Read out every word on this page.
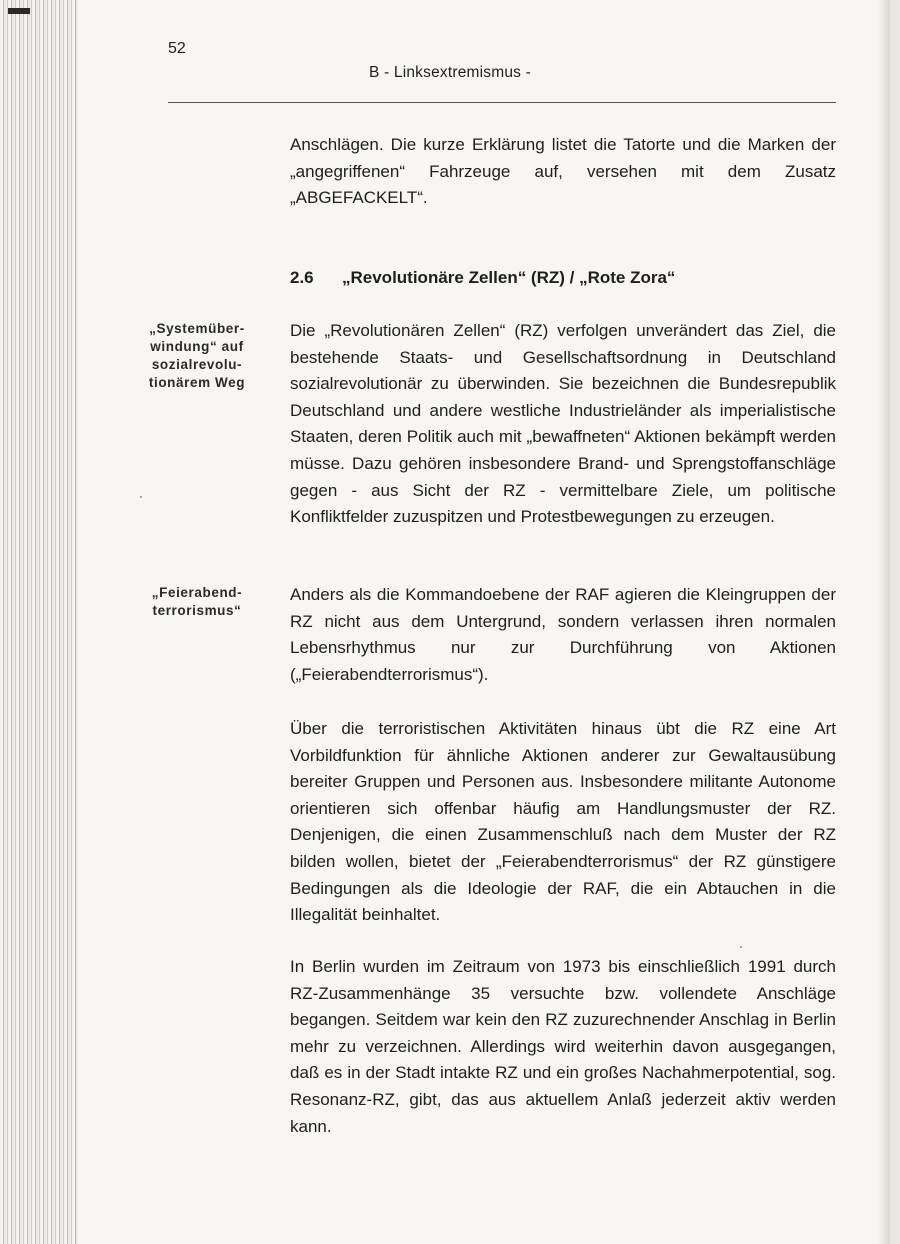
52
B - Linksextremismus -

Anschlägen. Die kurze Erklärung listet die Tatorte und die Marken der „angegriffenen“ Fahrzeuge auf, versehen mit dem Zusatz „ABGEFACKELT“.

2.6 „Revolutionäre Zellen“ (RZ) / „Rote Zora“
„Systemüber-
windung“ auf
sozialrevolu-
tionärem Weg
„Feierabend-
terrorismus“

Die „Revolutionären Zellen“ (RZ) verfolgen unverändert das Ziel, die bestehende Staats- und Gesellschaftsordnung in Deutschland sozialrevolutionär zu überwinden. Sie bezeichnen die Bundesrepublik Deutschland und andere westliche Industrieländer als imperialistische Staaten, deren Politik auch mit „bewaffneten“ Aktionen bekämpft werden müsse. Dazu gehören insbesondere Brand- und Sprengstoffanschläge gegen - aus Sicht der RZ - vermittelbare Ziele, um politische Konfliktfelder zuzuspitzen und Protestbewegungen zu erzeugen.

Anders als die Kommandoebene der RAF agieren die Kleingruppen der RZ nicht aus dem Untergrund, sondern verlassen ihren normalen Lebensrhythmus nur zur Durchführung von Aktionen („Feierabendterrorismus“).

Über die terroristischen Aktivitäten hinaus übt die RZ eine Art Vorbildfunktion für ähnliche Aktionen anderer zur Gewaltausübung bereiter Gruppen und Personen aus. Insbesondere militante Autonome orientieren sich offenbar häufig am Handlungsmuster der RZ. Denjenigen, die einen Zusammenschluß nach dem Muster der RZ bilden wollen, bietet der „Feierabendterrorismus“ der RZ günstigere Bedingungen als die Ideologie der RAF, die ein Abtauchen in die Illegalität beinhaltet.

In Berlin wurden im Zeitraum von 1973 bis einschließlich 1991 durch RZ-Zusammenhänge 35 versuchte bzw. vollendete Anschläge begangen. Seitdem war kein den RZ zuzurechnender Anschlag in Berlin mehr zu verzeichnen. Allerdings wird weiterhin davon ausgegangen, daß es in der Stadt intakte RZ und ein großes Nachahmerpotential, sog. Resonanz-RZ, gibt, das aus aktuellem Anlaß jederzeit aktiv werden kann.
